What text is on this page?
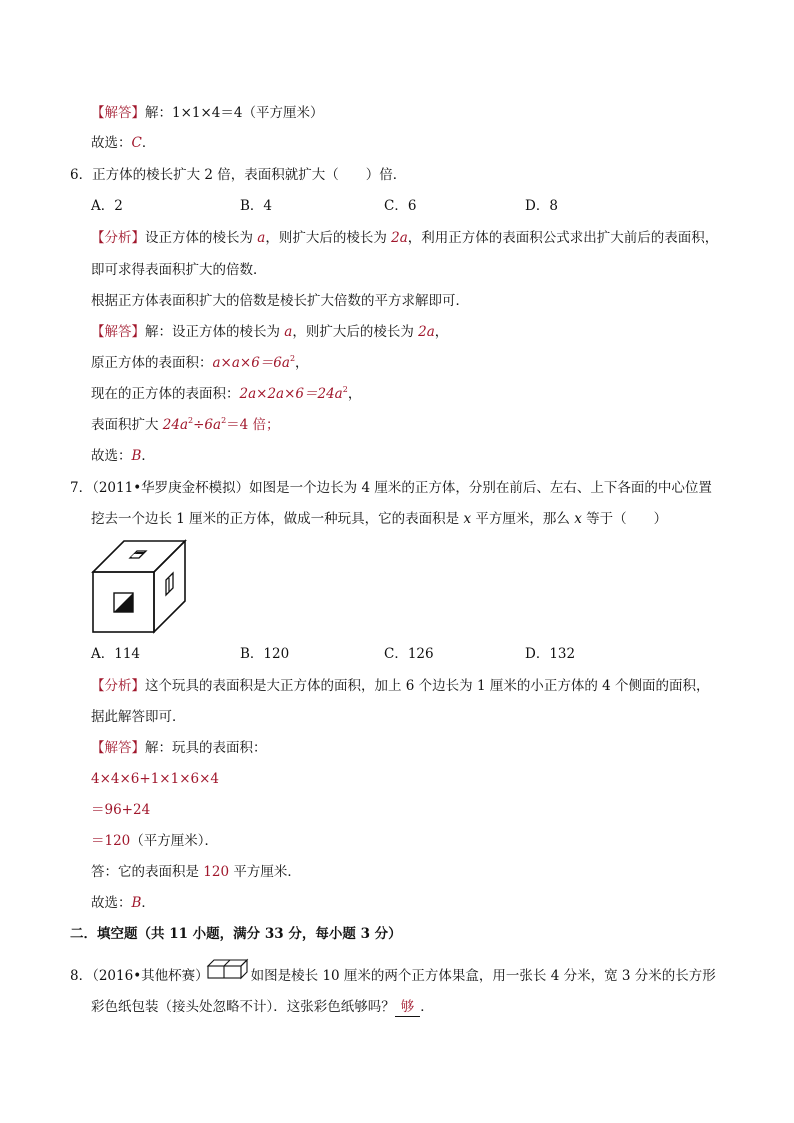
【解答】解：1×1×4＝4（平方厘米）
故选：C．
6．正方体的棱长扩大 2 倍，表面积就扩大（　　）倍．
A．2	B．4	C．6	D．8
【分析】设正方体的棱长为 a，则扩大后的棱长为 2a，利用正方体的表面积公式求出扩大前后的表面积，
即可求得表面积扩大的倍数．
根据正方体表面积扩大的倍数是棱长扩大倍数的平方求解即可．
【解答】解：设正方体的棱长为 a，则扩大后的棱长为 2a，
原正方体的表面积：$a\times a\times 6=6a^2$，
现在的正方体的表面积：$2a\times 2a\times 6=24a^2$，
表面积扩大 $24a^2\div 6a^2=4$ 倍；
故选：B．
7．（2011•华罗庚金杯模拟）如图是一个边长为 4 厘米的正方体，分别在前后、左右、上下各面的中心位置
挖去一个边长 1 厘米的正方体，做成一种玩具，它的表面积是 x 平方厘米，那么 x 等于（　　）
A．114	B．120	C．126	D．132
【分析】这个玩具的表面积是大正方体的面积，加上 6 个边长为 1 厘米的小正方体的 4 个侧面的面积，
据此解答即可．
【解答】解：玩具的表面积：
4×4×6+1×1×6×4
＝96+24
＝120（平方厘米）．
答：它的表面积是 120 平方厘米．
故选：B．
二．填空题（共 11 小题，满分 33 分，每小题 3 分）
8．（2016•其他杯赛）	如图是棱长 10 厘米的两个正方体果盒，用一张长 4 分米，宽 3 分米的长方形
彩色纸包装（接头处忽略不计）．这张彩色纸够吗？ 够 ．
